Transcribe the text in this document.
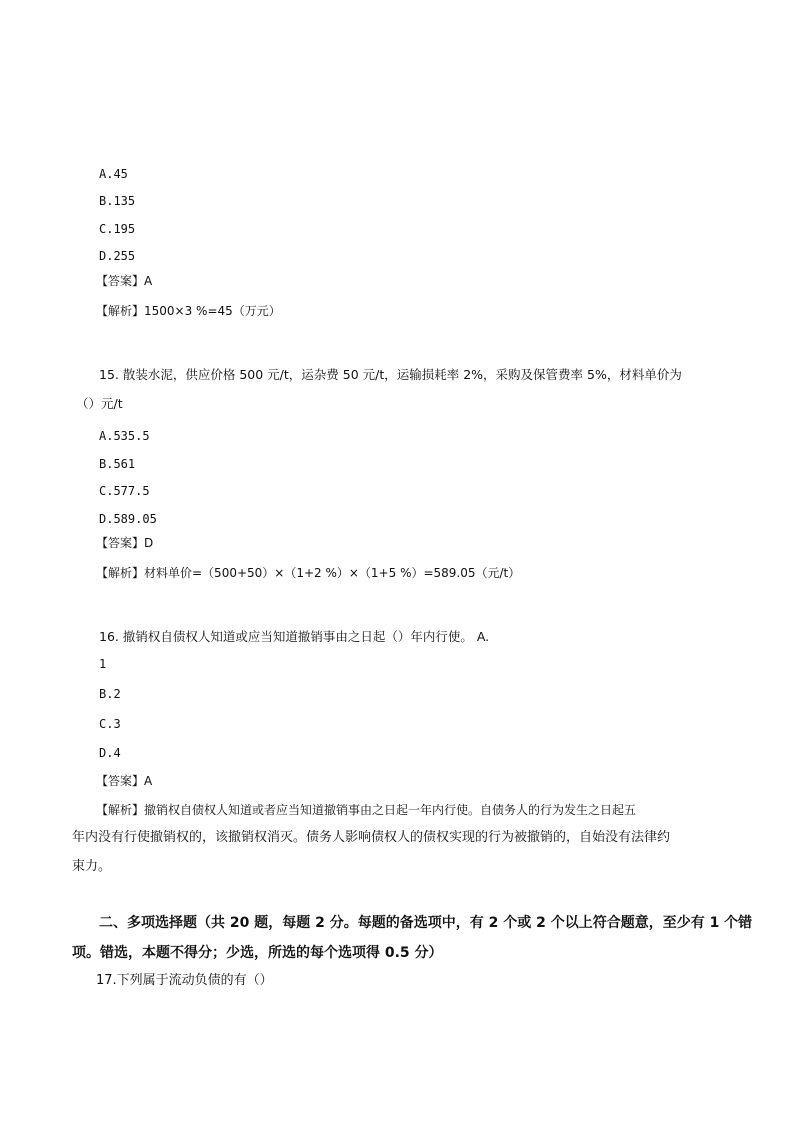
A.45
B.135
C.195
D.255
【答案】A
【解析】1500×3 %=45（万元）
15. 散装水泥，供应价格 500 元/t，运杂费 50 元/t，运输损耗率 2%，采购及保管费率 5%，材料单价为
（）元/t
A.535.5
B.561
C.577.5
D.589.05
【答案】D
【解析】材料单价=（500+50）×（1+2 %）×（1+5 %）=589.05（元/t）
16. 撤销权自债权人知道或应当知道撤销事由之日起（）年内行使。 A.
1
B.2
C.3
D.4
【答案】A
【解析】撤销权自债权人知道或者应当知道撤销事由之日起一年内行使。自债务人的行为发生之日起五
年内没有行使撤销权的，该撤销权消灭。债务人影响债权人的债权实现的行为被撤销的，自始没有法律约
束力。
二、多项选择题（共 20 题，每题 2 分。每题的备选项中，有 2 个或 2 个以上符合题意，至少有 1 个错
项。错选，本题不得分；少选，所选的每个选项得 0.5 分）
17.下列属于流动负债的有（）
